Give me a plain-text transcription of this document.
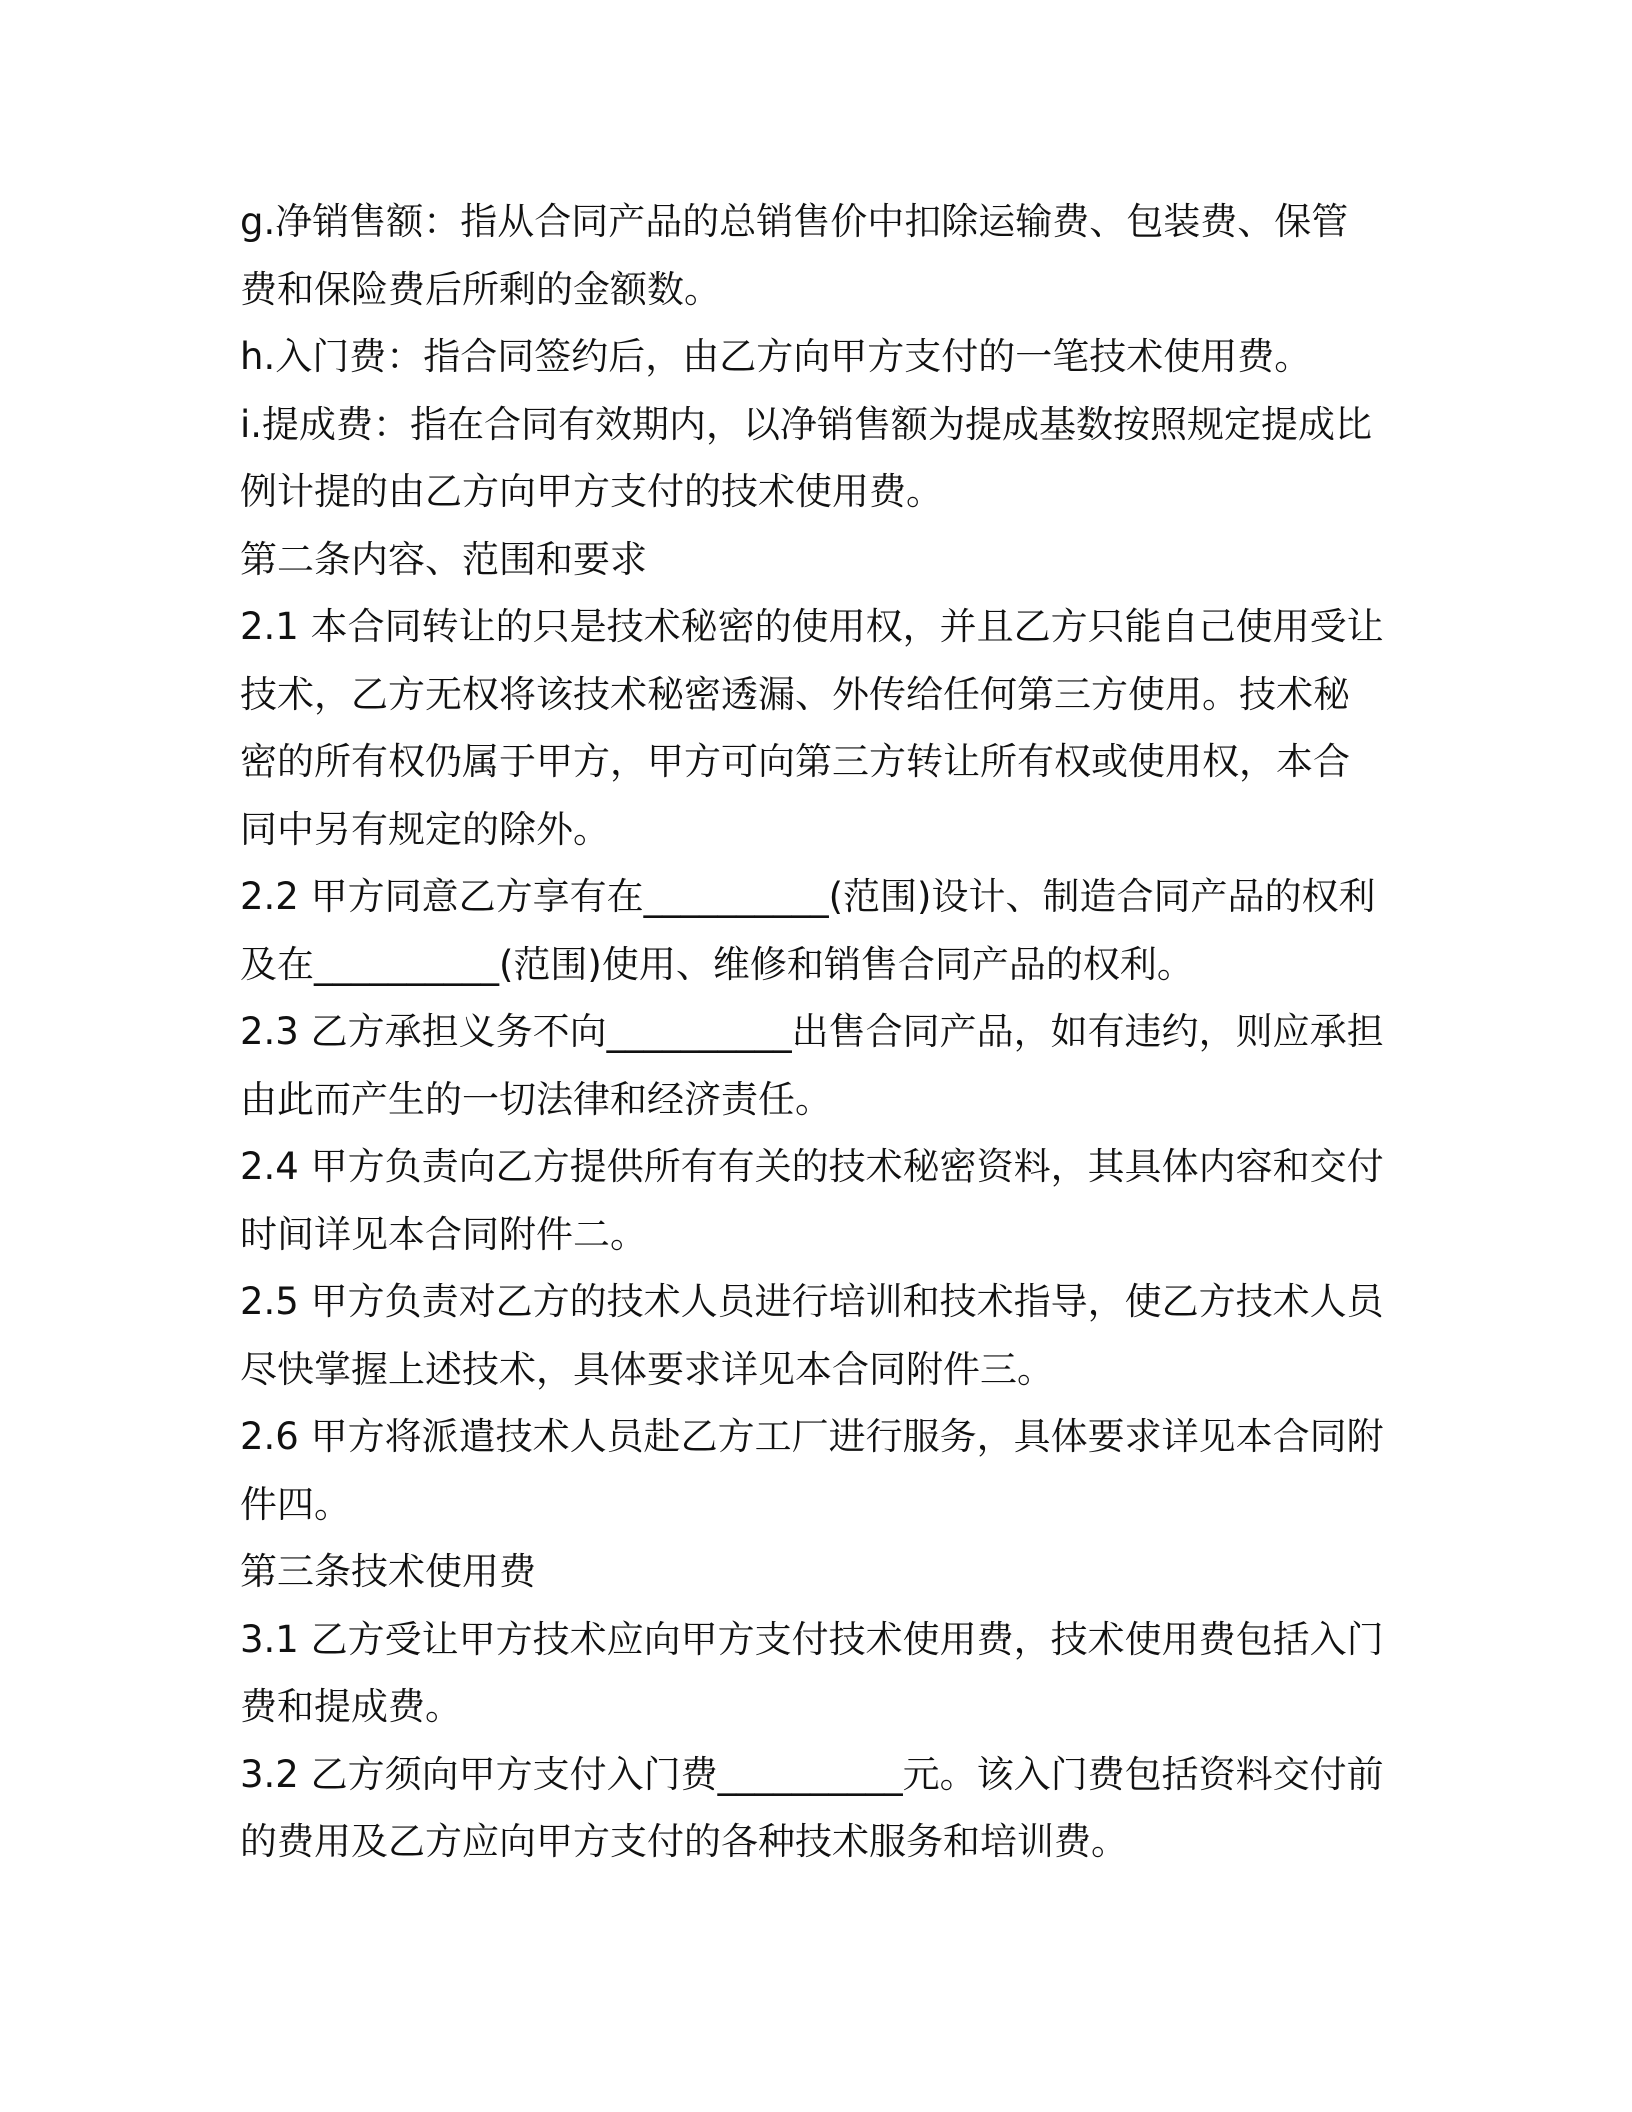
g.净销售额：指从合同产品的总销售价中扣除运输费、包装费、保管
费和保险费后所剩的金额数。
h.入门费：指合同签约后，由乙方向甲方支付的一笔技术使用费。
i.提成费：指在合同有效期内，以净销售额为提成基数按照规定提成比
例计提的由乙方向甲方支付的技术使用费。
第二条内容、范围和要求
2.1 本合同转让的只是技术秘密的使用权，并且乙方只能自己使用受让
技术，乙方无权将该技术秘密透漏、外传给任何第三方使用。技术秘
密的所有权仍属于甲方，甲方可向第三方转让所有权或使用权，本合
同中另有规定的除外。
2.2 甲方同意乙方享有在__________(范围)设计、制造合同产品的权利
及在__________(范围)使用、维修和销售合同产品的权利。
2.3 乙方承担义务不向__________出售合同产品，如有违约，则应承担
由此而产生的一切法律和经济责任。
2.4 甲方负责向乙方提供所有有关的技术秘密资料，其具体内容和交付
时间详见本合同附件二。
2.5 甲方负责对乙方的技术人员进行培训和技术指导，使乙方技术人员
尽快掌握上述技术，具体要求详见本合同附件三。
2.6 甲方将派遣技术人员赴乙方工厂进行服务，具体要求详见本合同附
件四。
第三条技术使用费
3.1 乙方受让甲方技术应向甲方支付技术使用费，技术使用费包括入门
费和提成费。
3.2 乙方须向甲方支付入门费__________元。该入门费包括资料交付前
的费用及乙方应向甲方支付的各种技术服务和培训费。
